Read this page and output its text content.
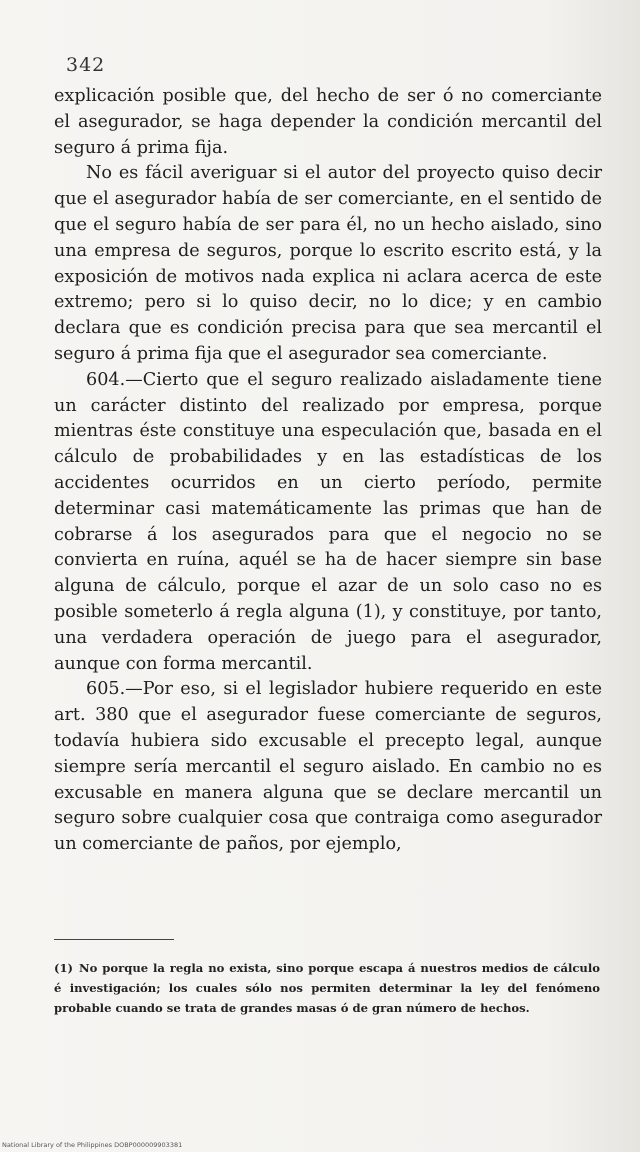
342

explicación posible que, del hecho de ser ó no comerciante el asegurador, se haga depender la condición mercantil del seguro á prima fija.

No es fácil averiguar si el autor del proyecto quiso decir que el asegurador había de ser comerciante, en el sentido de que el seguro había de ser para él, no un hecho aislado, sino una empresa de seguros, porque lo escrito escrito está, y la exposición de motivos nada explica ni aclara acerca de este extremo; pero si lo quiso decir, no lo dice; y en cambio declara que es condición precisa para que sea mercantil el seguro á prima fija que el asegurador sea comerciante.

604.—Cierto que el seguro realizado aisladamente tiene un carácter distinto del realizado por empresa, porque mientras éste constituye una especulación que, basada en el cálculo de probabilidades y en las estadísticas de los accidentes ocurridos en un cierto período, permite determinar casi matemáticamente las primas que han de cobrarse á los asegurados para que el negocio no se convierta en ruína, aquél se ha de hacer siempre sin base alguna de cálculo, porque el azar de un solo caso no es posible someterlo á regla alguna (1), y constituye, por tanto, una verdadera operación de juego para el asegurador, aunque con forma mercantil.

605.—Por eso, si el legislador hubiere requerido en este art. 380 que el asegurador fuese comerciante de seguros, todavía hubiera sido excusable el precepto legal, aunque siempre sería mercantil el seguro aislado. En cambio no es excusable en manera alguna que se declare mercantil un seguro sobre cualquier cosa que contraiga como asegurador un comerciante de paños, por ejemplo,

(1) No porque la regla no exista, sino porque escapa á nuestros medios de cálculo é investigación; los cuales sólo nos permiten determinar la ley del fenómeno probable cuando se trata de grandes masas ó de gran número de hechos.
National Library of the Philippines DOBP000009903381
